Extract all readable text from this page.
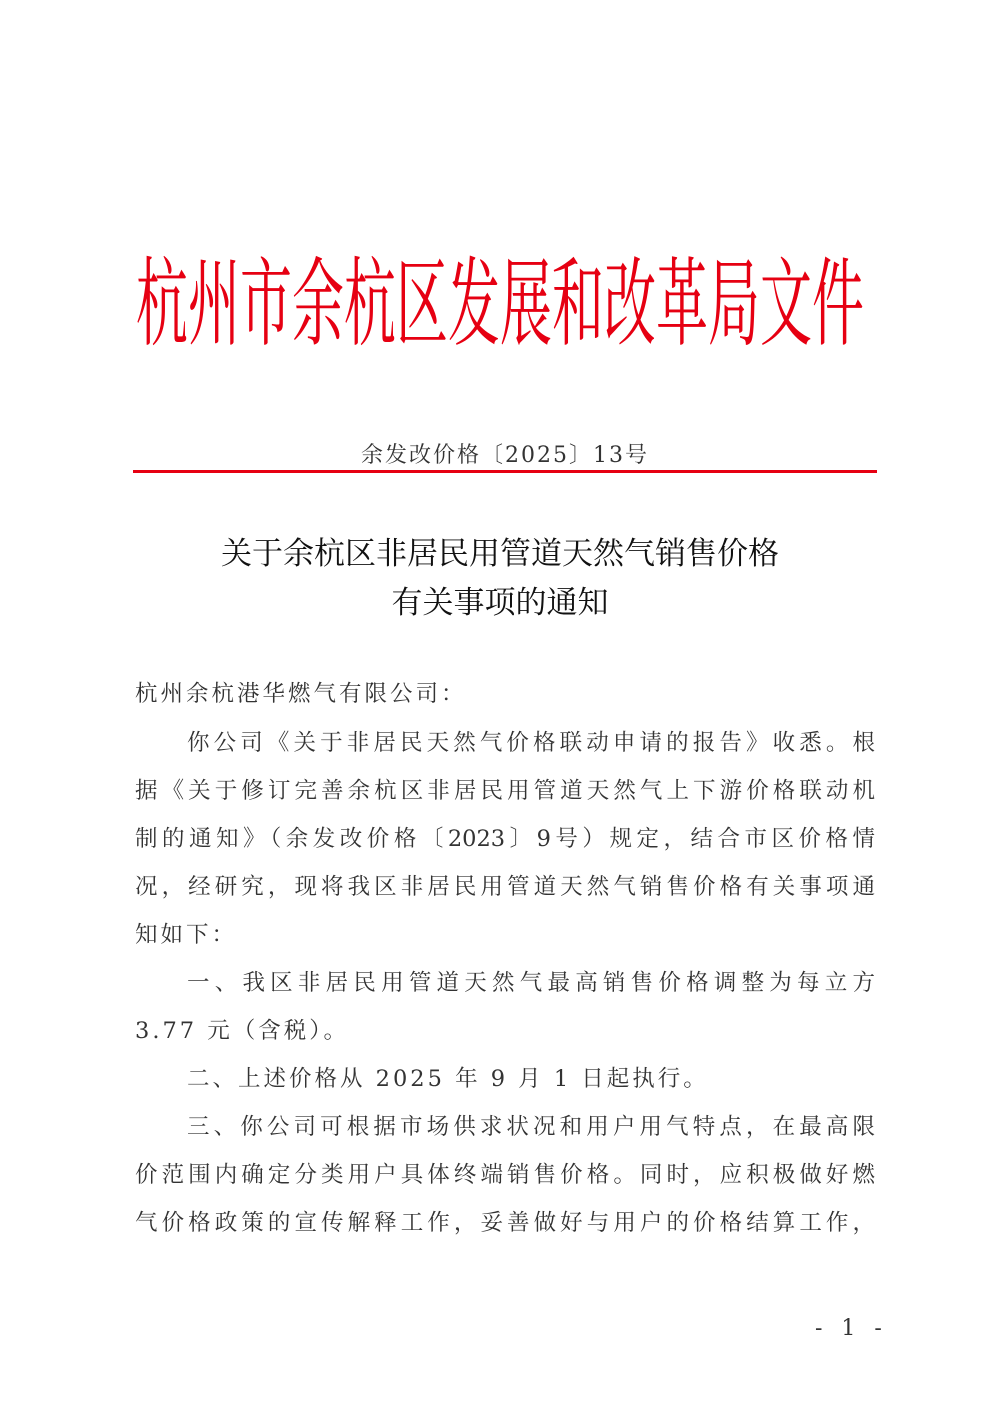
杭州市余杭区发展和改革局文件
余发改价格〔2025〕13号
关于余杭区非居民用管道天然气销售价格
有关事项的通知
杭州余杭港华燃气有限公司：
你公司《关于非居民天然气价格联动申请的报告》收悉。根
据《关于修订完善余杭区非居民用管道天然气上下游价格联动机
制的通知》（余发改价格〔2023〕9号）规定，结合市区价格情
况，经研究，现将我区非居民用管道天然气销售价格有关事项通
知如下：
一、我区非居民用管道天然气最高销售价格调整为每立方
3.77 元（含税）。
二、上述价格从 2025 年 9 月 1 日起执行。
三、你公司可根据市场供求状况和用户用气特点，在最高限
价范围内确定分类用户具体终端销售价格。同时，应积极做好燃
气价格政策的宣传解释工作，妥善做好与用户的价格结算工作，
- 1 -
